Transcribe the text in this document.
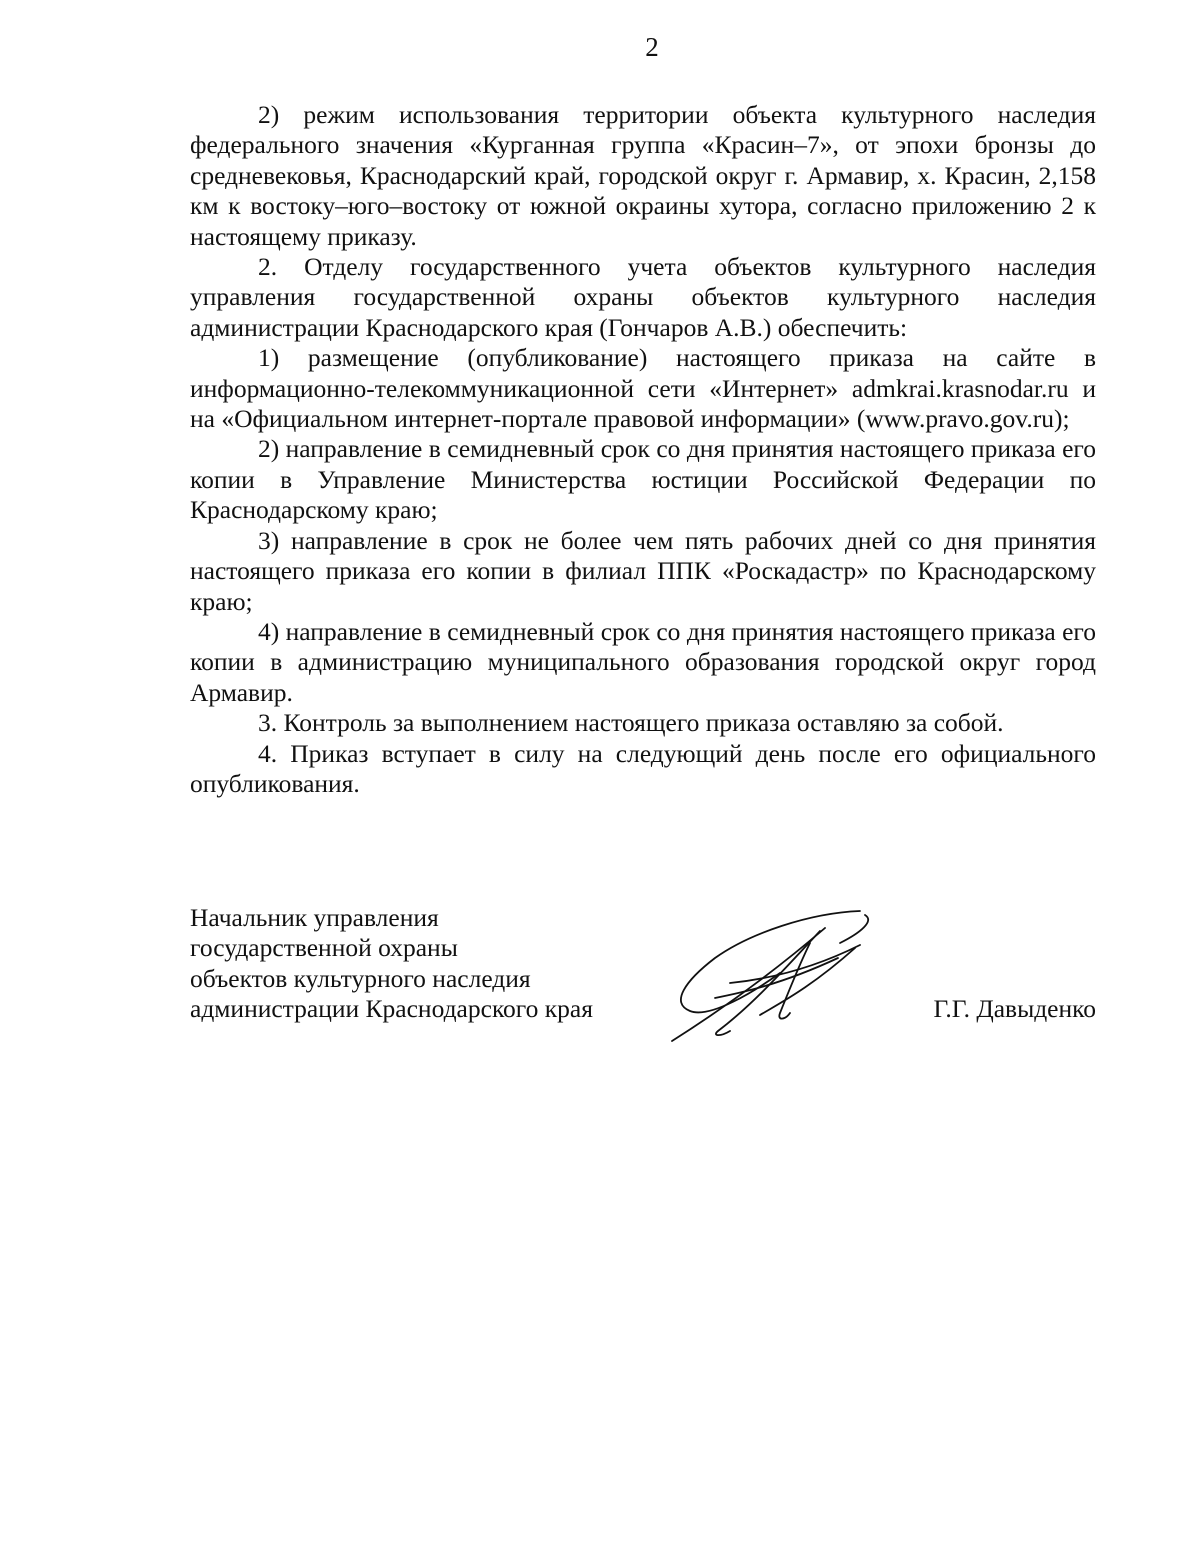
2

2) режим использования территории объекта культурного наследия федерального значения «Курганная группа «Красин–7», от эпохи бронзы до средневековья, Краснодарский край, городской округ г. Армавир, х. Красин, 2,158 км к востоку–юго–востоку от южной окраины хутора, согласно приложению 2 к настоящему приказу.

2. Отделу государственного учета объектов культурного наследия управления государственной охраны объектов культурного наследия администрации Краснодарского края (Гончаров А.В.) обеспечить:

1) размещение (опубликование) настоящего приказа на сайте в информационно-телекоммуникационной сети «Интернет» admkrai.krasnodar.ru и на «Официальном интернет-портале правовой информации» (www.pravo.gov.ru);

2) направление в семидневный срок со дня принятия настоящего приказа его копии в Управление Министерства юстиции Российской Федерации по Краснодарскому краю;

3) направление в срок не более чем пять рабочих дней со дня принятия настоящего приказа его копии в филиал ППК «Роскадастр» по Краснодарскому краю;

4) направление в семидневный срок со дня принятия настоящего приказа его копии в администрацию муниципального образования городской округ город Армавир.

3. Контроль за выполнением настоящего приказа оставляю за собой.

4. Приказ вступает в силу на следующий день после его официального опубликования.

Начальник управления
государственной охраны
объектов культурного наследия
администрации Краснодарского края	Г.Г. Давыденко
